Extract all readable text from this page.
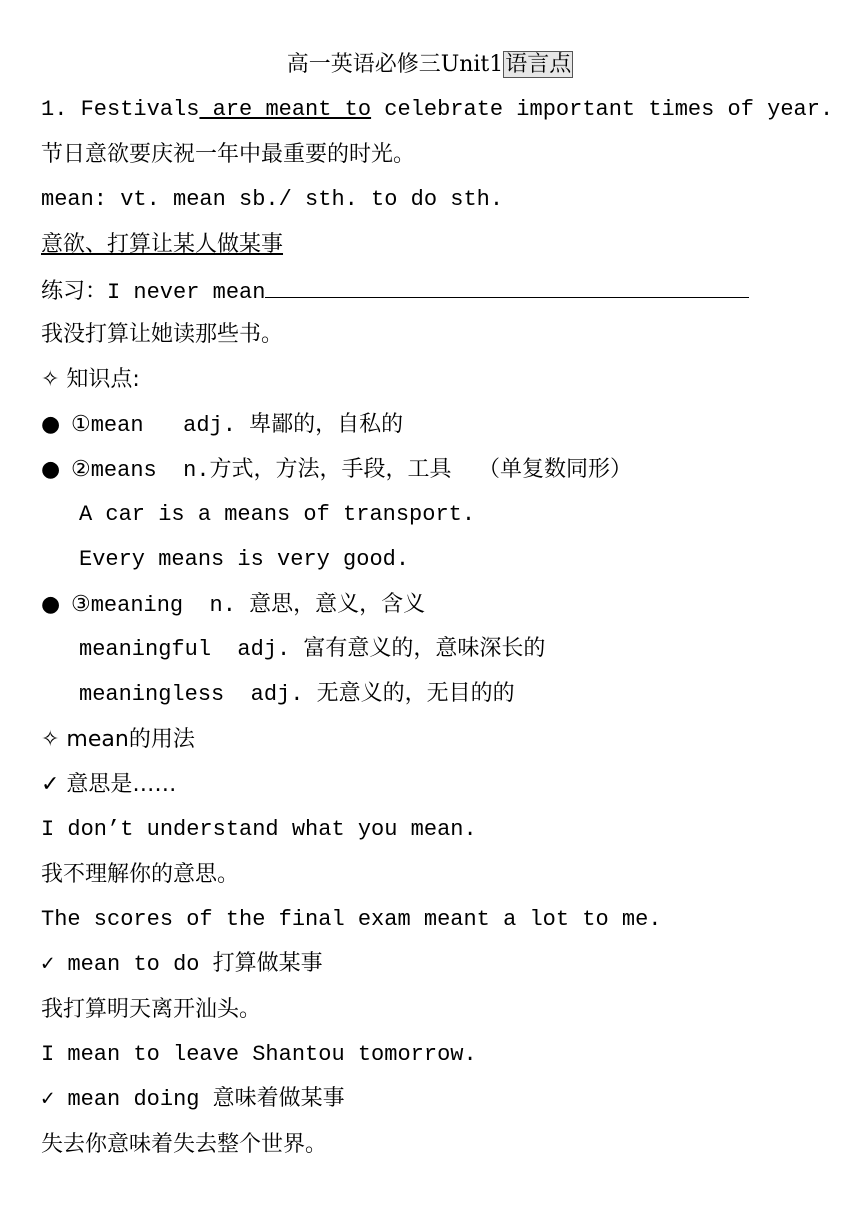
高一英语必修三Unit1语言点
1. Festivals are meant to celebrate important times of year.
节日意欲要庆祝一年中最重要的时光。
mean: vt. mean sb./ sth. to do sth.
意欲、打算让某人做某事
练习：I never mean
我没打算让她读那些书。
✧ 知识点:
● ①mean   adj. 卑鄙的，自私的
● ②means  n.方式，方法，手段，工具  （单复数同形）
A car is a means of transport.
Every means is very good.
● ③meaning  n. 意思，意义，含义
meaningful  adj. 富有意义的，意味深长的
meaningless  adj. 无意义的，无目的的
✧ mean的用法
✓ 意思是……
I don’t understand what you mean.
我不理解你的意思。
The scores of the final exam meant a lot to me.
✓ mean to do 打算做某事
我打算明天离开汕头。
I mean to leave Shantou tomorrow.
✓ mean doing 意味着做某事
失去你意味着失去整个世界。
